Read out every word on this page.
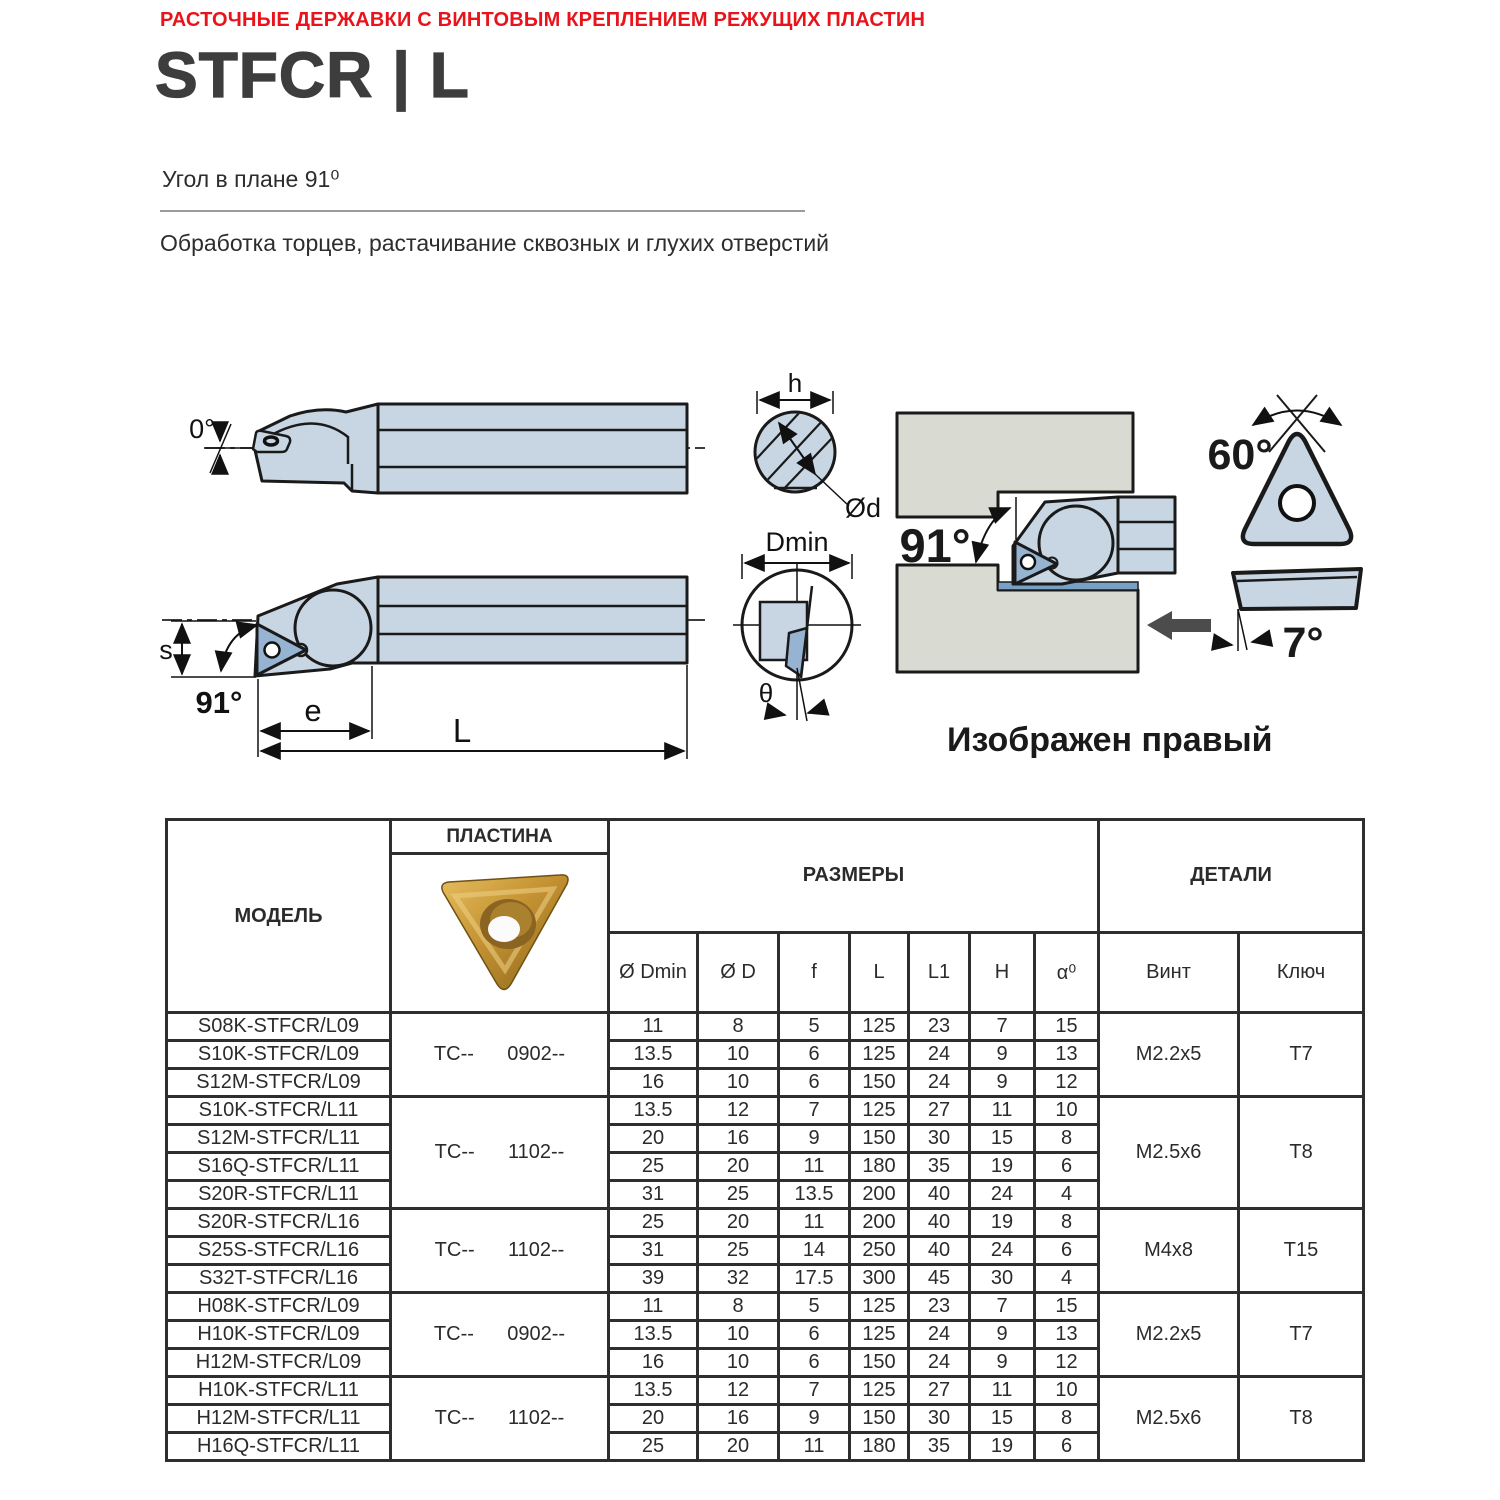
РАСТОЧНЫЕ ДЕРЖАВКИ С ВИНТОВЫМ КРЕПЛЕНИЕМ РЕЖУЩИХ ПЛАСТИН
STFCR | L
Угол в плане 91⁰
Обработка торцев, растачивание сквозных и глухих отверстий
0°
s
91° e
L
Ød
h
Dmin
θ
91°
Изображен правый
60°
7°
МОДЕЛЬ	ПЛАСТИНА	РАЗМЕРЫ							ДЕТАЛИ	
		Ø Dmin	Ø D	f	L	L1	H	α⁰	Винт	Ключ
S08K-STFCR/L09	TC--      0902--	11	8	5	125	23	7	15	M2.2x5	T7
S10K-STFCR/L09		13.5	10	6	125	24	9	13		
S12M-STFCR/L09		16	10	6	150	24	9	12		
S10K-STFCR/L11	TC--      1102--	13.5	12	7	125	27	11	10	M2.5x6	T8
S12M-STFCR/L11		20	16	9	150	30	15	8		
S16Q-STFCR/L11		25	20	11	180	35	19	6		
S20R-STFCR/L11		31	25	13.5	200	40	24	4		
S20R-STFCR/L16	TC--      1102--	25	20	11	200	40	19	8	M4x8	T15
S25S-STFCR/L16		31	25	14	250	40	24	6		
S32T-STFCR/L16		39	32	17.5	300	45	30	4		
H08K-STFCR/L09	TC--      0902--	11	8	5	125	23	7	15	M2.2x5	T7
H10K-STFCR/L09		13.5	10	6	125	24	9	13		
H12M-STFCR/L09		16	10	6	150	24	9	12		
H10K-STFCR/L11	TC--      1102--	13.5	12	7	125	27	11	10	M2.5x6	T8
H12M-STFCR/L11		20	16	9	150	30	15	8		
H16Q-STFCR/L11		25	20	11	180	35	19	6		
